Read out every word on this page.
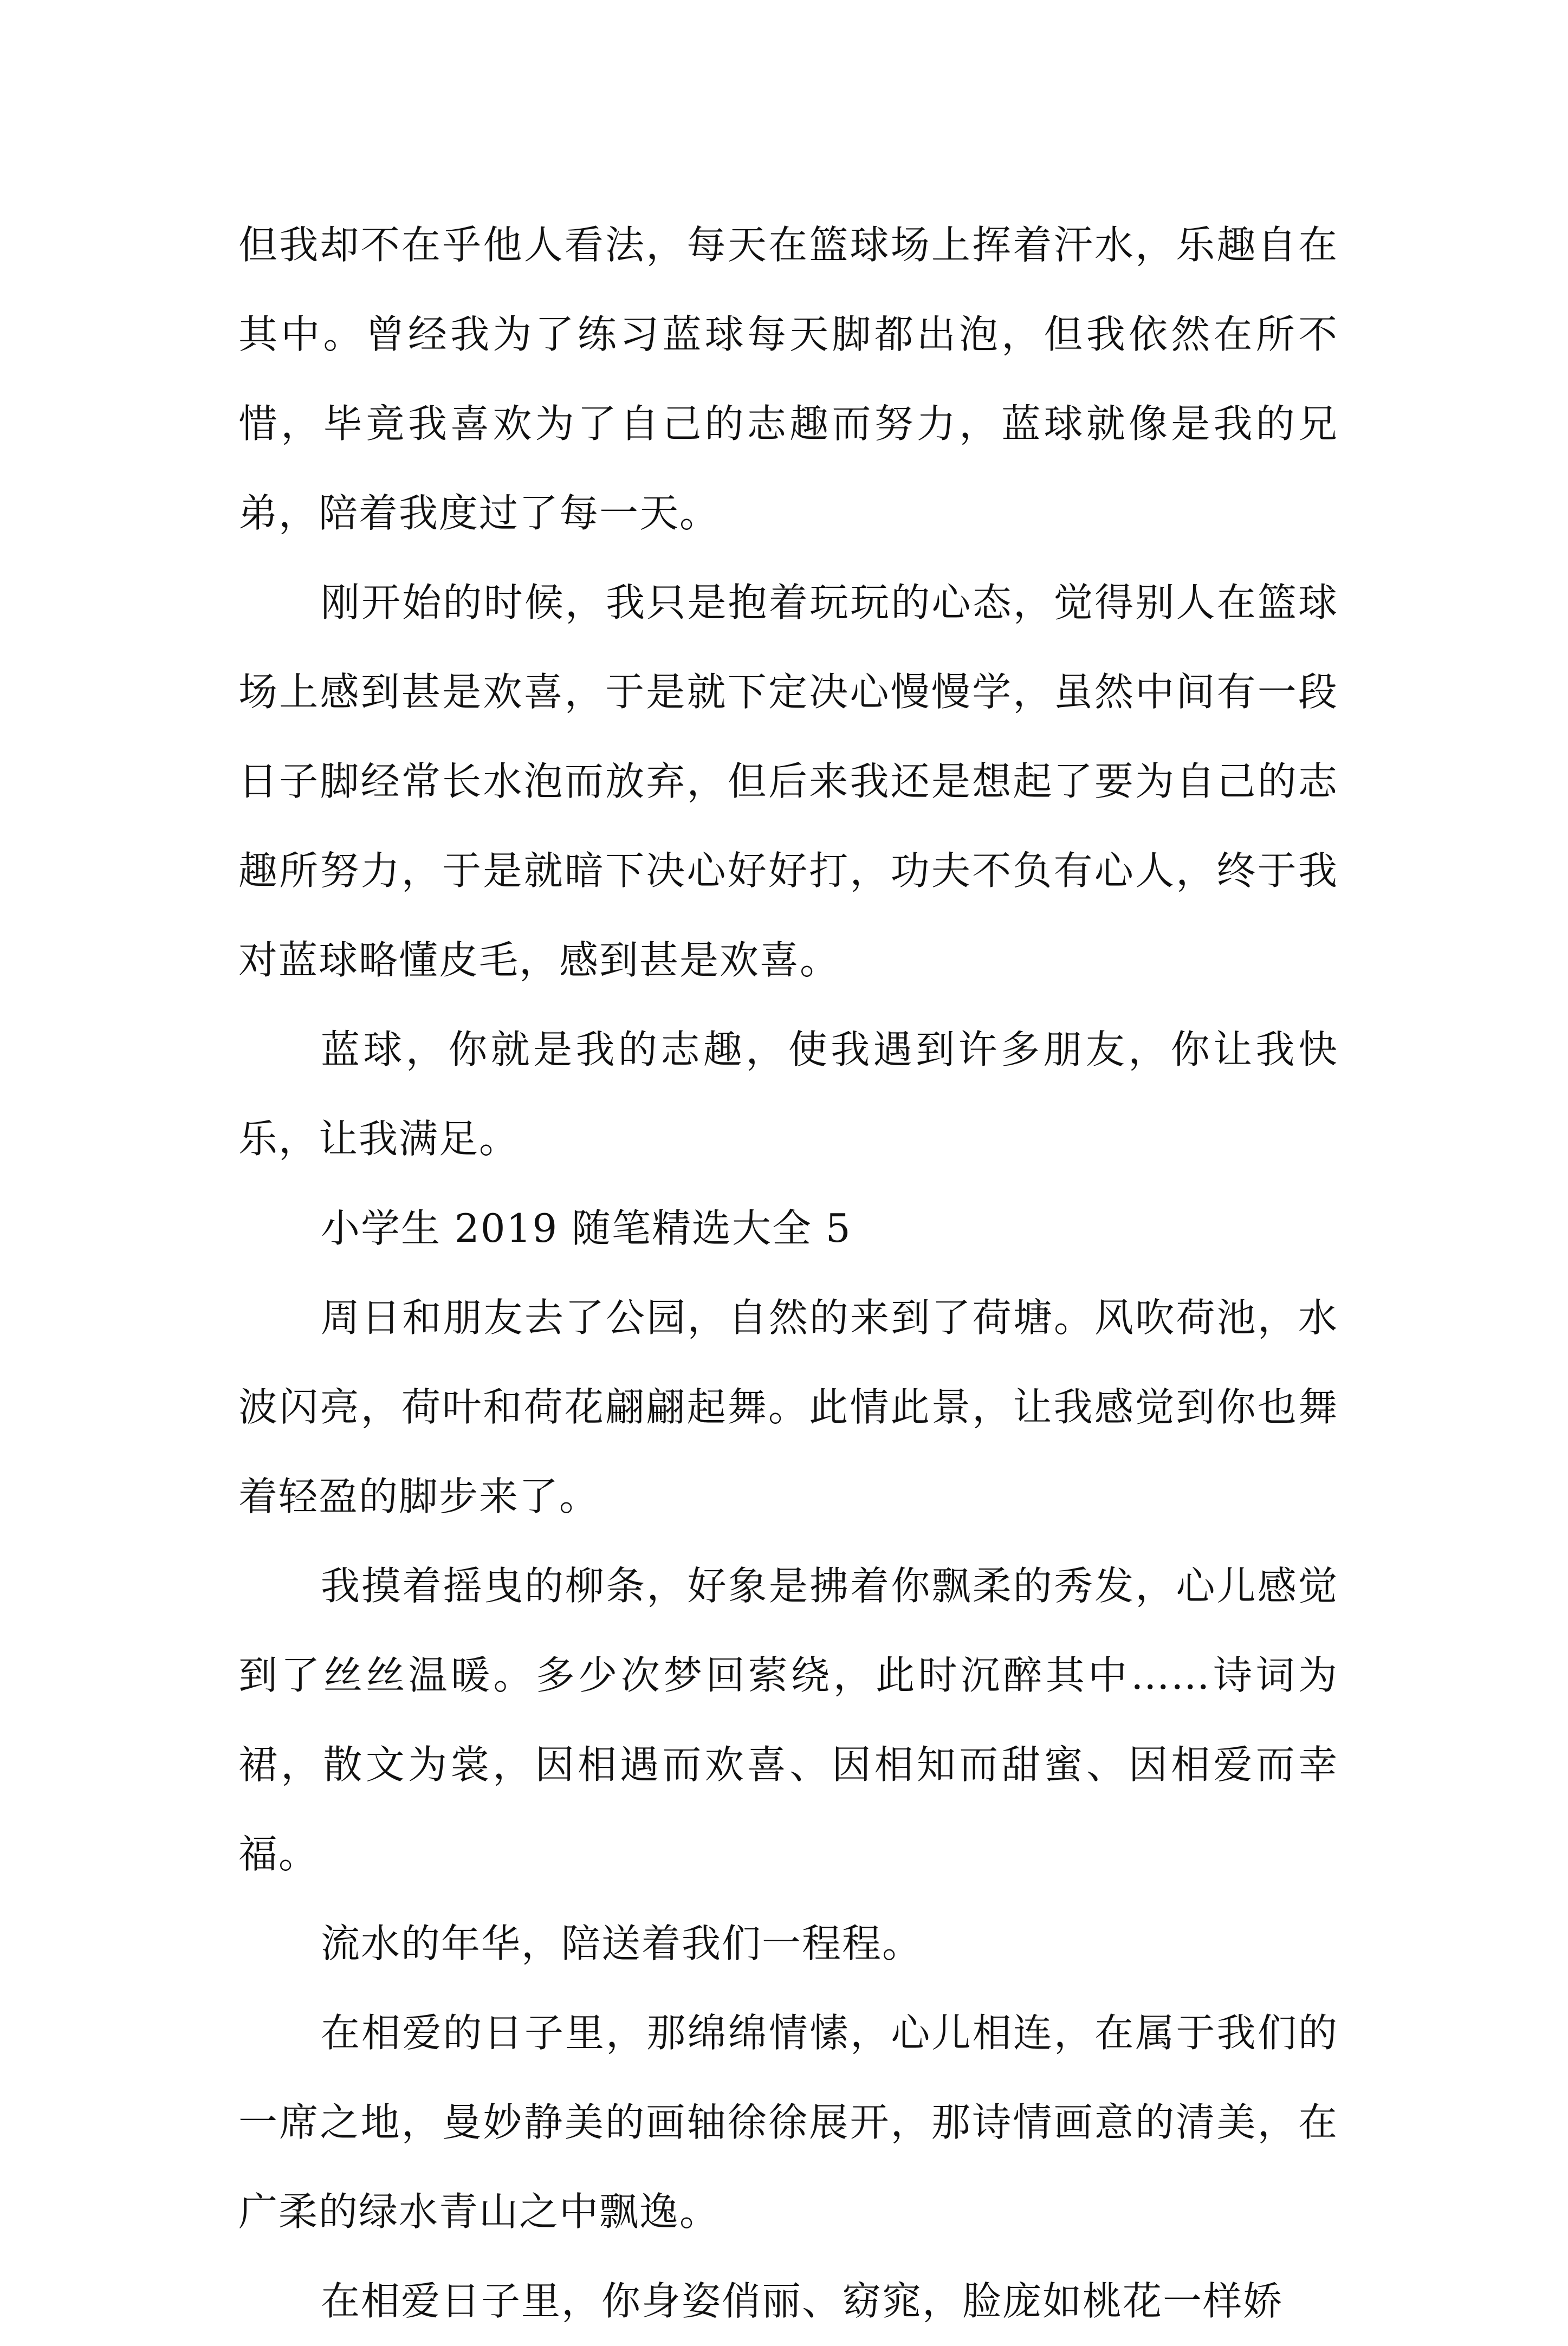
但我却不在乎他人看法，每天在篮球场上挥着汗水，乐趣自在其中。曾经我为了练习蓝球每天脚都出泡，但我依然在所不惜，毕竟我喜欢为了自己的志趣而努力，蓝球就像是我的兄弟，陪着我度过了每一天。

刚开始的时候，我只是抱着玩玩的心态，觉得别人在篮球场上感到甚是欢喜，于是就下定决心慢慢学，虽然中间有一段日子脚经常长水泡而放弃，但后来我还是想起了要为自己的志趣所努力，于是就暗下决心好好打，功夫不负有心人，终于我对蓝球略懂皮毛，感到甚是欢喜。

蓝球，你就是我的志趣，使我遇到许多朋友，你让我快乐，让我满足。

小学生 2019 随笔精选大全 5

周日和朋友去了公园，自然的来到了荷塘。风吹荷池，水波闪亮，荷叶和荷花翩翩起舞。此情此景，让我感觉到你也舞着轻盈的脚步来了。

我摸着摇曳的柳条，好象是拂着你飘柔的秀发，心儿感觉到了丝丝温暖。多少次梦回萦绕，此时沉醉其中……诗词为裙，散文为裳，因相遇而欢喜、因相知而甜蜜、因相爱而幸福。

流水的年华，陪送着我们一程程。

在相爱的日子里，那绵绵情愫，心儿相连，在属于我们的一席之地，曼妙静美的画轴徐徐展开，那诗情画意的清美，在广柔的绿水青山之中飘逸。

在相爱日子里，你身姿俏丽、窈窕，脸庞如桃花一样娇
